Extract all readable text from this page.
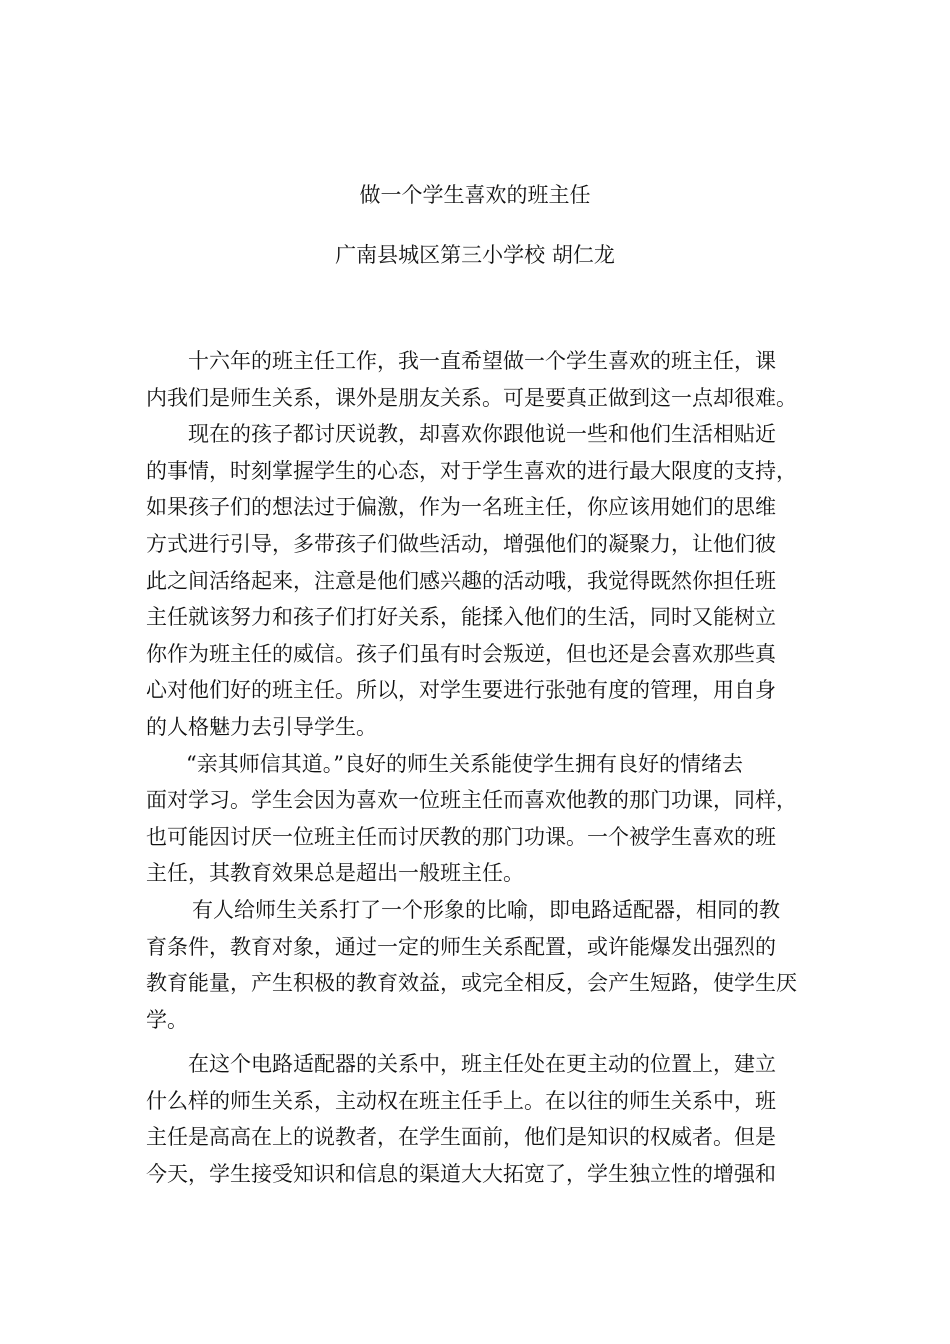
做一个学生喜欢的班主任
广南县城区第三小学校 胡仁龙
十六年的班主任工作，我一直希望做一个学生喜欢的班主任，课
内我们是师生关系，课外是朋友关系。可是要真正做到这一点却很难。
现在的孩子都讨厌说教，却喜欢你跟他说一些和他们生活相贴近
的事情，时刻掌握学生的心态，对于学生喜欢的进行最大限度的支持，
如果孩子们的想法过于偏激，作为一名班主任，你应该用她们的思维
方式进行引导，多带孩子们做些活动，增强他们的凝聚力，让他们彼
此之间活络起来，注意是他们感兴趣的活动哦，我觉得既然你担任班
主任就该努力和孩子们打好关系，能揉入他们的生活，同时又能树立
你作为班主任的威信。孩子们虽有时会叛逆，但也还是会喜欢那些真
心对他们好的班主任。所以，对学生要进行张弛有度的管理，用自身
的人格魅力去引导学生。
“亲其师信其道。”良好的师生关系能使学生拥有良好的情绪去
面对学习。学生会因为喜欢一位班主任而喜欢他教的那门功课，同样，
也可能因讨厌一位班主任而讨厌教的那门功课。一个被学生喜欢的班
主任，其教育效果总是超出一般班主任。
有人给师生关系打了一个形象的比喻，即电路适配器，相同的教
育条件，教育对象，通过一定的师生关系配置，或许能爆发出强烈的
教育能量，产生积极的教育效益，或完全相反，会产生短路，使学生厌
学。
在这个电路适配器的关系中，班主任处在更主动的位置上，建立
什么样的师生关系，主动权在班主任手上。在以往的师生关系中，班
主任是高高在上的说教者，在学生面前，他们是知识的权威者。但是
今天，学生接受知识和信息的渠道大大拓宽了，学生独立性的增强和
